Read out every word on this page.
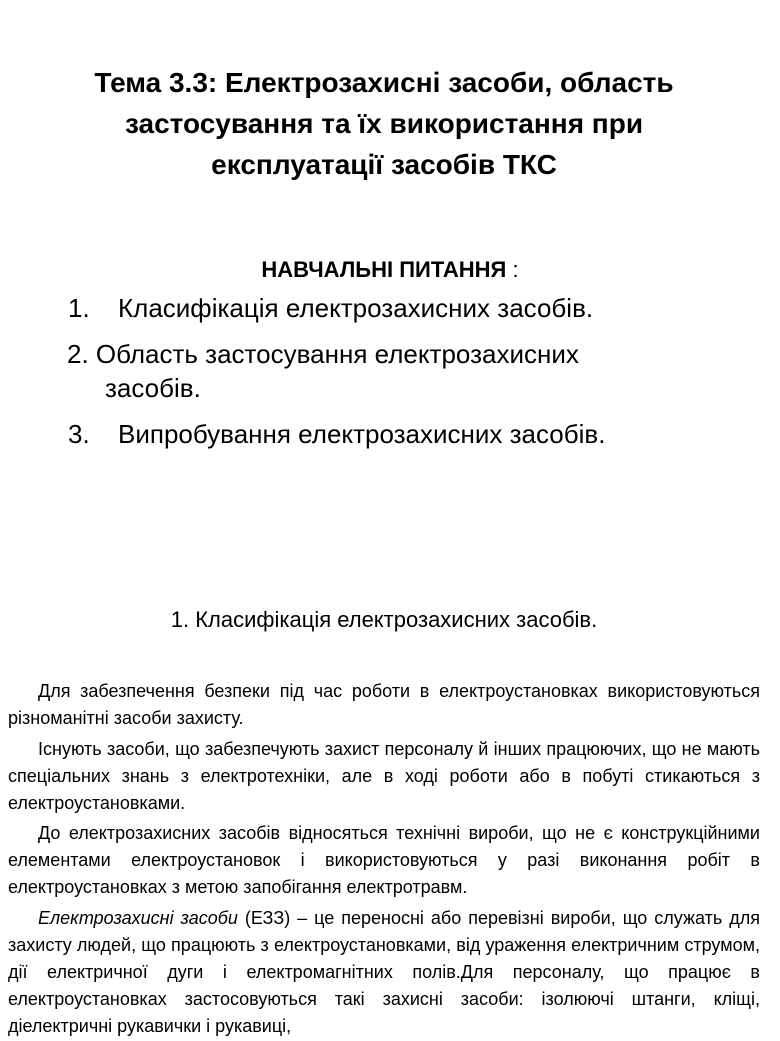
Тема 3.3: Електрозахисні засоби, область
застосування та їх використання при
експлуатації засобів ТКС
НАВЧАЛЬНІ ПИТАННЯ :
1. Класифікація електрозахисних засобів.
2. Область застосування електрозахисних
засобів.
3. Випробування електрозахисних засобів.
1. Класифікація електрозахисних засобів.

Для забезпечення безпеки під час роботи в електроустановках використовуються різноманітні засоби захисту.

Існують засоби, що забезпечують захист персоналу й інших працюючих, що не мають спеціальних знань з електротехніки, але в ході роботи або в побуті стикаються з електроустановками.

До електрозахисних засобів відносяться технічні вироби, що не є конструкційними елементами електроустановок і використовуються у разі виконання робіт в електроустановках з метою запобігання електротравм.

Електрозахисні засоби (ЕЗЗ) – це переносні або перевізні вироби, що служать для захисту людей, що працюють з електроустановками, від ураження електричним струмом, дії електричної дуги і електромагнітних полів.Для персоналу, що працює в електроустановках застосовуються такі захисні засоби: ізолюючі штанги, кліщі, діелектричні рукавички і рукавиці,
